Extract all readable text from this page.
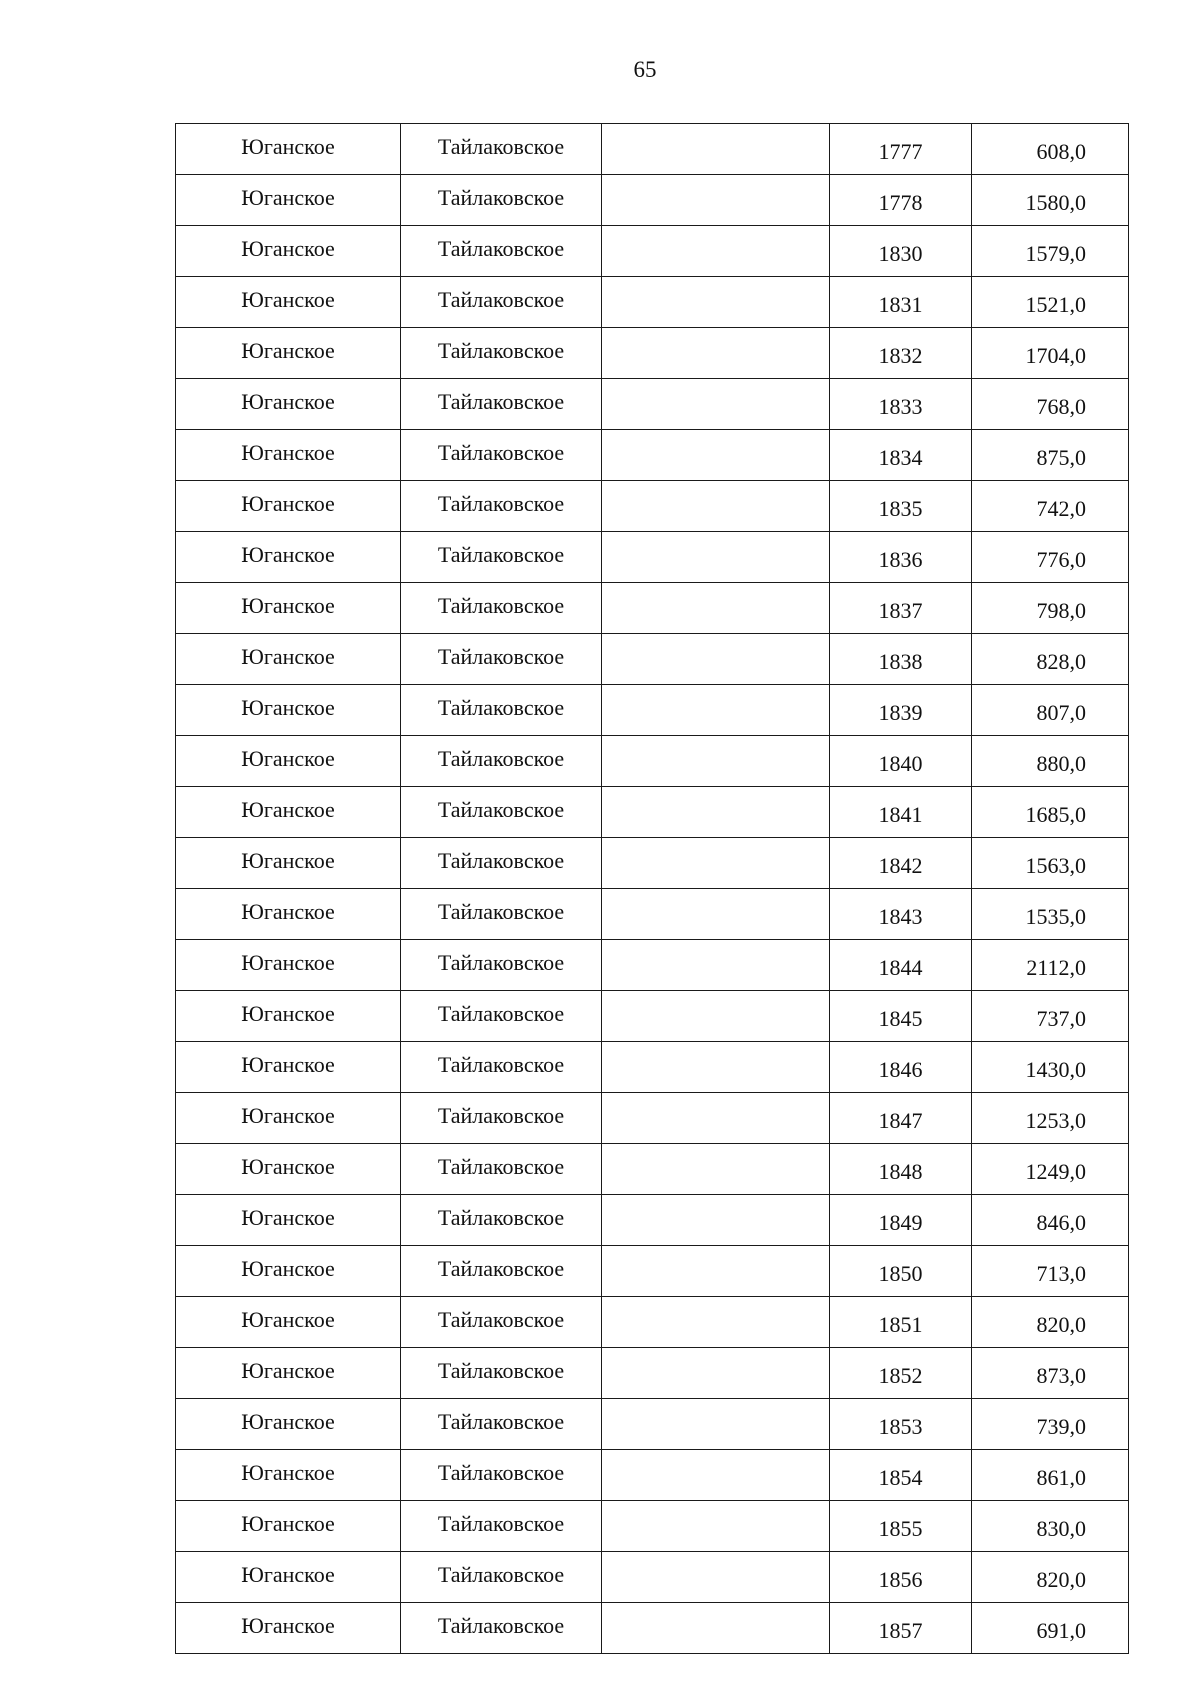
65
Юганское	Тайлаковское		1777	608,0
Юганское	Тайлаковское		1778	1580,0
Юганское	Тайлаковское		1830	1579,0
Юганское	Тайлаковское		1831	1521,0
Юганское	Тайлаковское		1832	1704,0
Юганское	Тайлаковское		1833	768,0
Юганское	Тайлаковское		1834	875,0
Юганское	Тайлаковское		1835	742,0
Юганское	Тайлаковское		1836	776,0
Юганское	Тайлаковское		1837	798,0
Юганское	Тайлаковское		1838	828,0
Юганское	Тайлаковское		1839	807,0
Юганское	Тайлаковское		1840	880,0
Юганское	Тайлаковское		1841	1685,0
Юганское	Тайлаковское		1842	1563,0
Юганское	Тайлаковское		1843	1535,0
Юганское	Тайлаковское		1844	2112,0
Юганское	Тайлаковское		1845	737,0
Юганское	Тайлаковское		1846	1430,0
Юганское	Тайлаковское		1847	1253,0
Юганское	Тайлаковское		1848	1249,0
Юганское	Тайлаковское		1849	846,0
Юганское	Тайлаковское		1850	713,0
Юганское	Тайлаковское		1851	820,0
Юганское	Тайлаковское		1852	873,0
Юганское	Тайлаковское		1853	739,0
Юганское	Тайлаковское		1854	861,0
Юганское	Тайлаковское		1855	830,0
Юганское	Тайлаковское		1856	820,0
Юганское	Тайлаковское		1857	691,0
